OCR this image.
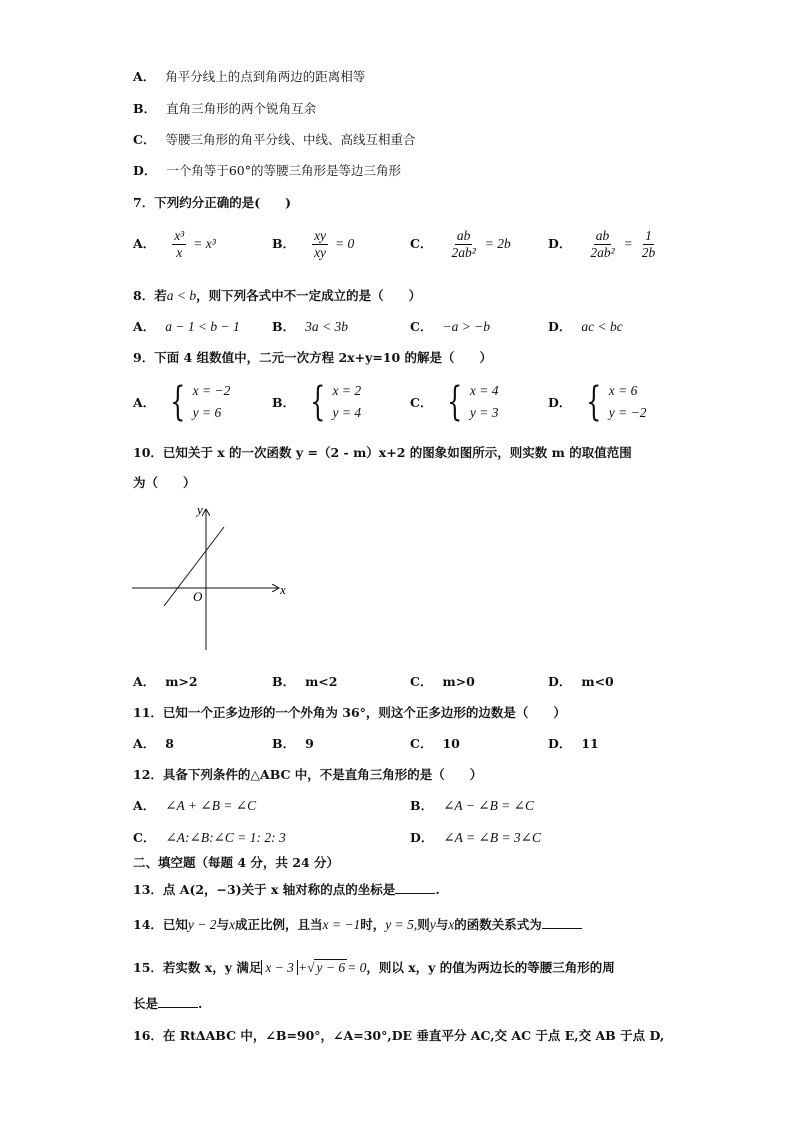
A． 角平分线上的点到角两边的距离相等
B． 直角三角形的两个锐角互余
C． 等腰三角形的角平分线、中线、高线互相重合
D． 一个角等于60°的等腰三角形是等边三角形
7．下列约分正确的是(　　)
A． $\frac{\text{x³}}{x} = x^3$	B． $\frac{xy}{xy} = 0$	C． $\frac{ab}{\text{2ab²}} = 2b$	D． $\frac{ab}{\text{2ab²}} = \frac{1}{2b}$
8．若a < b，则下列各式中不一定成立的是（　　）
A． a − 1 < b − 1	B． 3a < 3b	C． −a > −b	D． ac < bc
9．下面 4 组数值中，二元一次方程 2x+y=10 的解是（　　）
A． { x = −2
y = 6
B． { x = 2
y = 4
C． { x = 4
y = 3
D． { x = 6
y = −2
10．已知关于 x 的一次函数 y =（2 - m）x+2 的图象如图所示，则实数 m 的取值范围
为（　　）
x
y
O
A． m>2	B． m<2	C． m>0	D． m<0
11．已知一个正多边形的一个外角为 36°，则这个正多边形的边数是（　　）
A． 8	B． 9	C． 10	D． 11
12．具备下列条件的△ABC 中，不是直角三角形的是（　　）
A． ∠A + ∠B = ∠C	B． ∠A − ∠B = ∠C
C． ∠A:∠B:∠C = 1: 2: 3	D． ∠A = ∠B = 3∠C
二、填空题（每题 4 分，共 24 分）
13．点 A(2，−3)关于 x 轴对称的点的坐标是	.
14．已知y − 2与x成正比例，且当x = −1时，y = 5,则y与x的函数关系式为
15．若实数 x，y 满足 x − 3 +√ y − 6 = 0，则以 x，y 的值为两边长的等腰三角形的周
长是	.
16．在 RtΔABC 中，∠B=90°，∠A=30°,DE 垂直平分 AC,交 AC 于点 E,交 AB 于点 D,
